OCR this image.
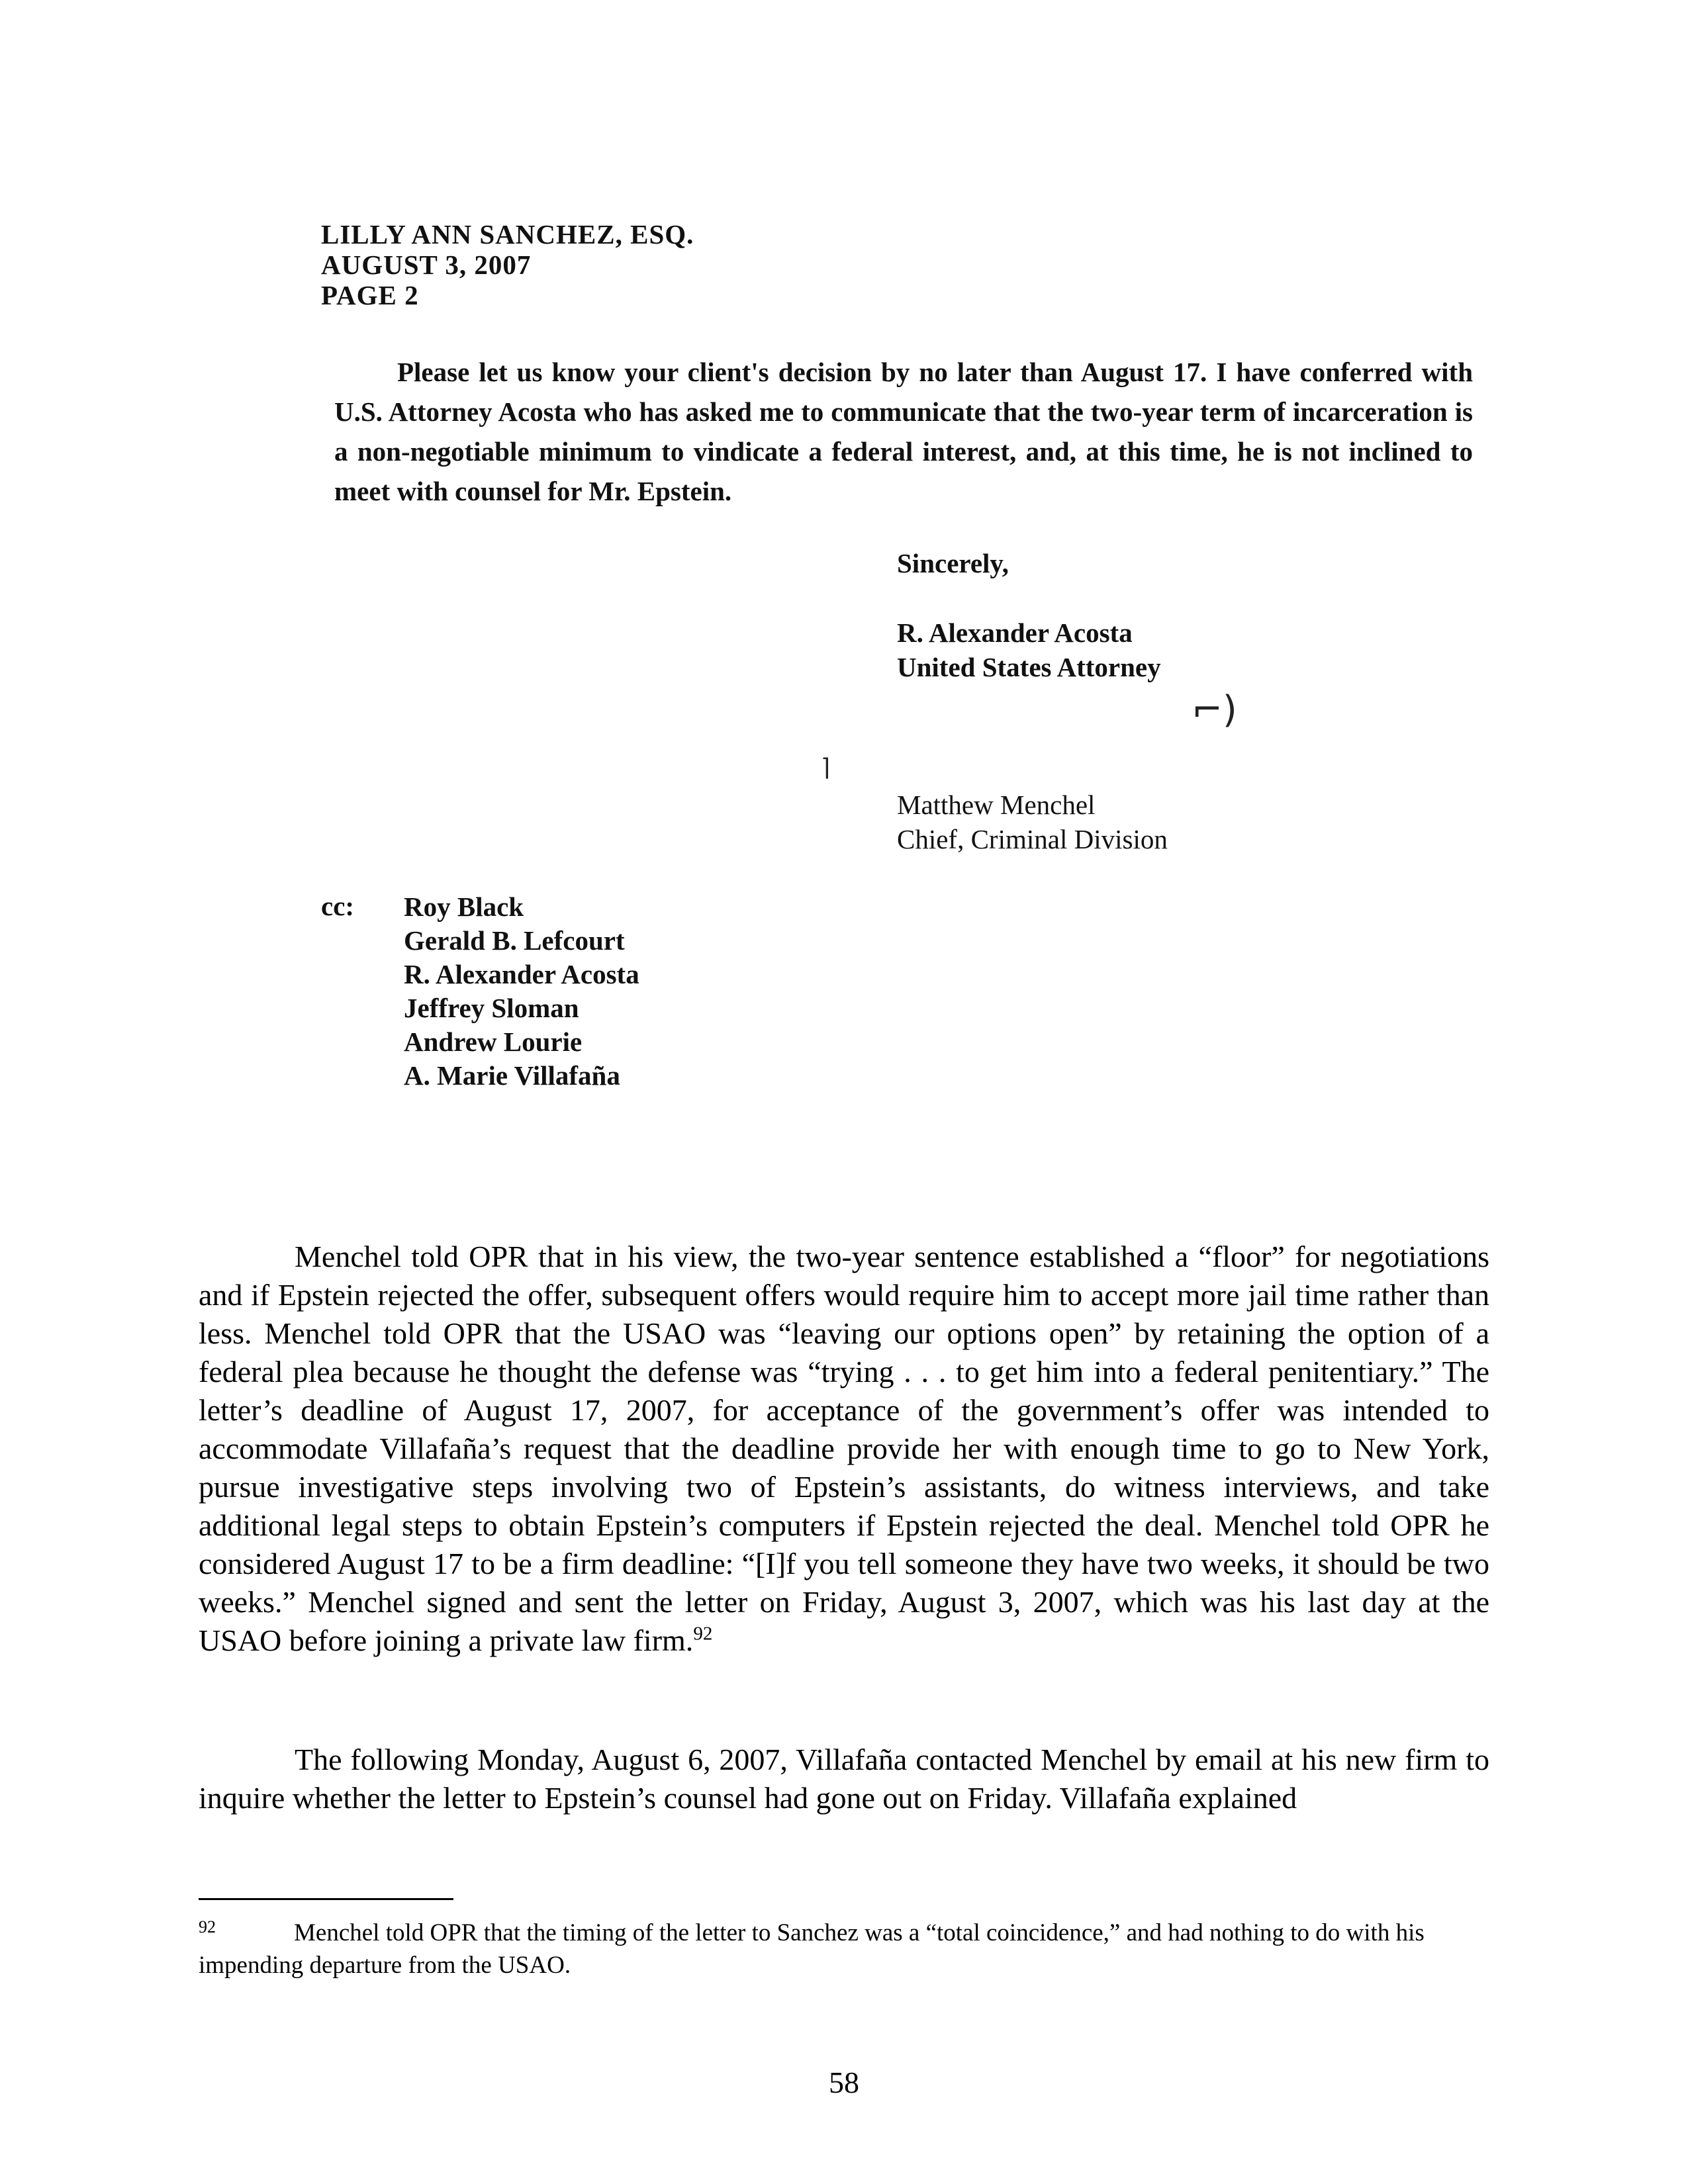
LILLY ANN SANCHEZ, ESQ.
AUGUST 3, 2007
PAGE 2

Please let us know your client's decision by no later than August 17. I have conferred with U.S. Attorney Acosta who has asked me to communicate that the two-year term of incarceration is a non-negotiable minimum to vindicate a federal interest, and, at this time, he is not inclined to meet with counsel for Mr. Epstein.

Sincerely,
R. Alexander Acosta
United States Attorney
⌐)
⌉
Matthew Menchel
Chief, Criminal Division
cc: Roy Black
Gerald B. Lefcourt
R. Alexander Acosta
Jeffrey Sloman
Andrew Lourie
A. Marie Villafaña

Menchel told OPR that in his view, the two-year sentence established a “floor” for negotiations and if Epstein rejected the offer, subsequent offers would require him to accept more jail time rather than less. Menchel told OPR that the USAO was “leaving our options open” by retaining the option of a federal plea because he thought the defense was “trying . . . to get him into a federal penitentiary.” The letter’s deadline of August 17, 2007, for acceptance of the government’s offer was intended to accommodate Villafaña’s request that the deadline provide her with enough time to go to New York, pursue investigative steps involving two of Epstein’s assistants, do witness interviews, and take additional legal steps to obtain Epstein’s computers if Epstein rejected the deal. Menchel told OPR he considered August 17 to be a firm deadline: “[I]f you tell someone they have two weeks, it should be two weeks.” Menchel signed and sent the letter on Friday, August 3, 2007, which was his last day at the USAO before joining a private law firm.$^{92}$

The following Monday, August 6, 2007, Villafaña contacted Menchel by email at his new firm to inquire whether the letter to Epstein’s counsel had gone out on Friday. Villafaña explained

$^{92}$	Menchel told OPR that the timing of the letter to Sanchez was a “total coincidence,” and had nothing to do with his impending departure from the USAO.

58
